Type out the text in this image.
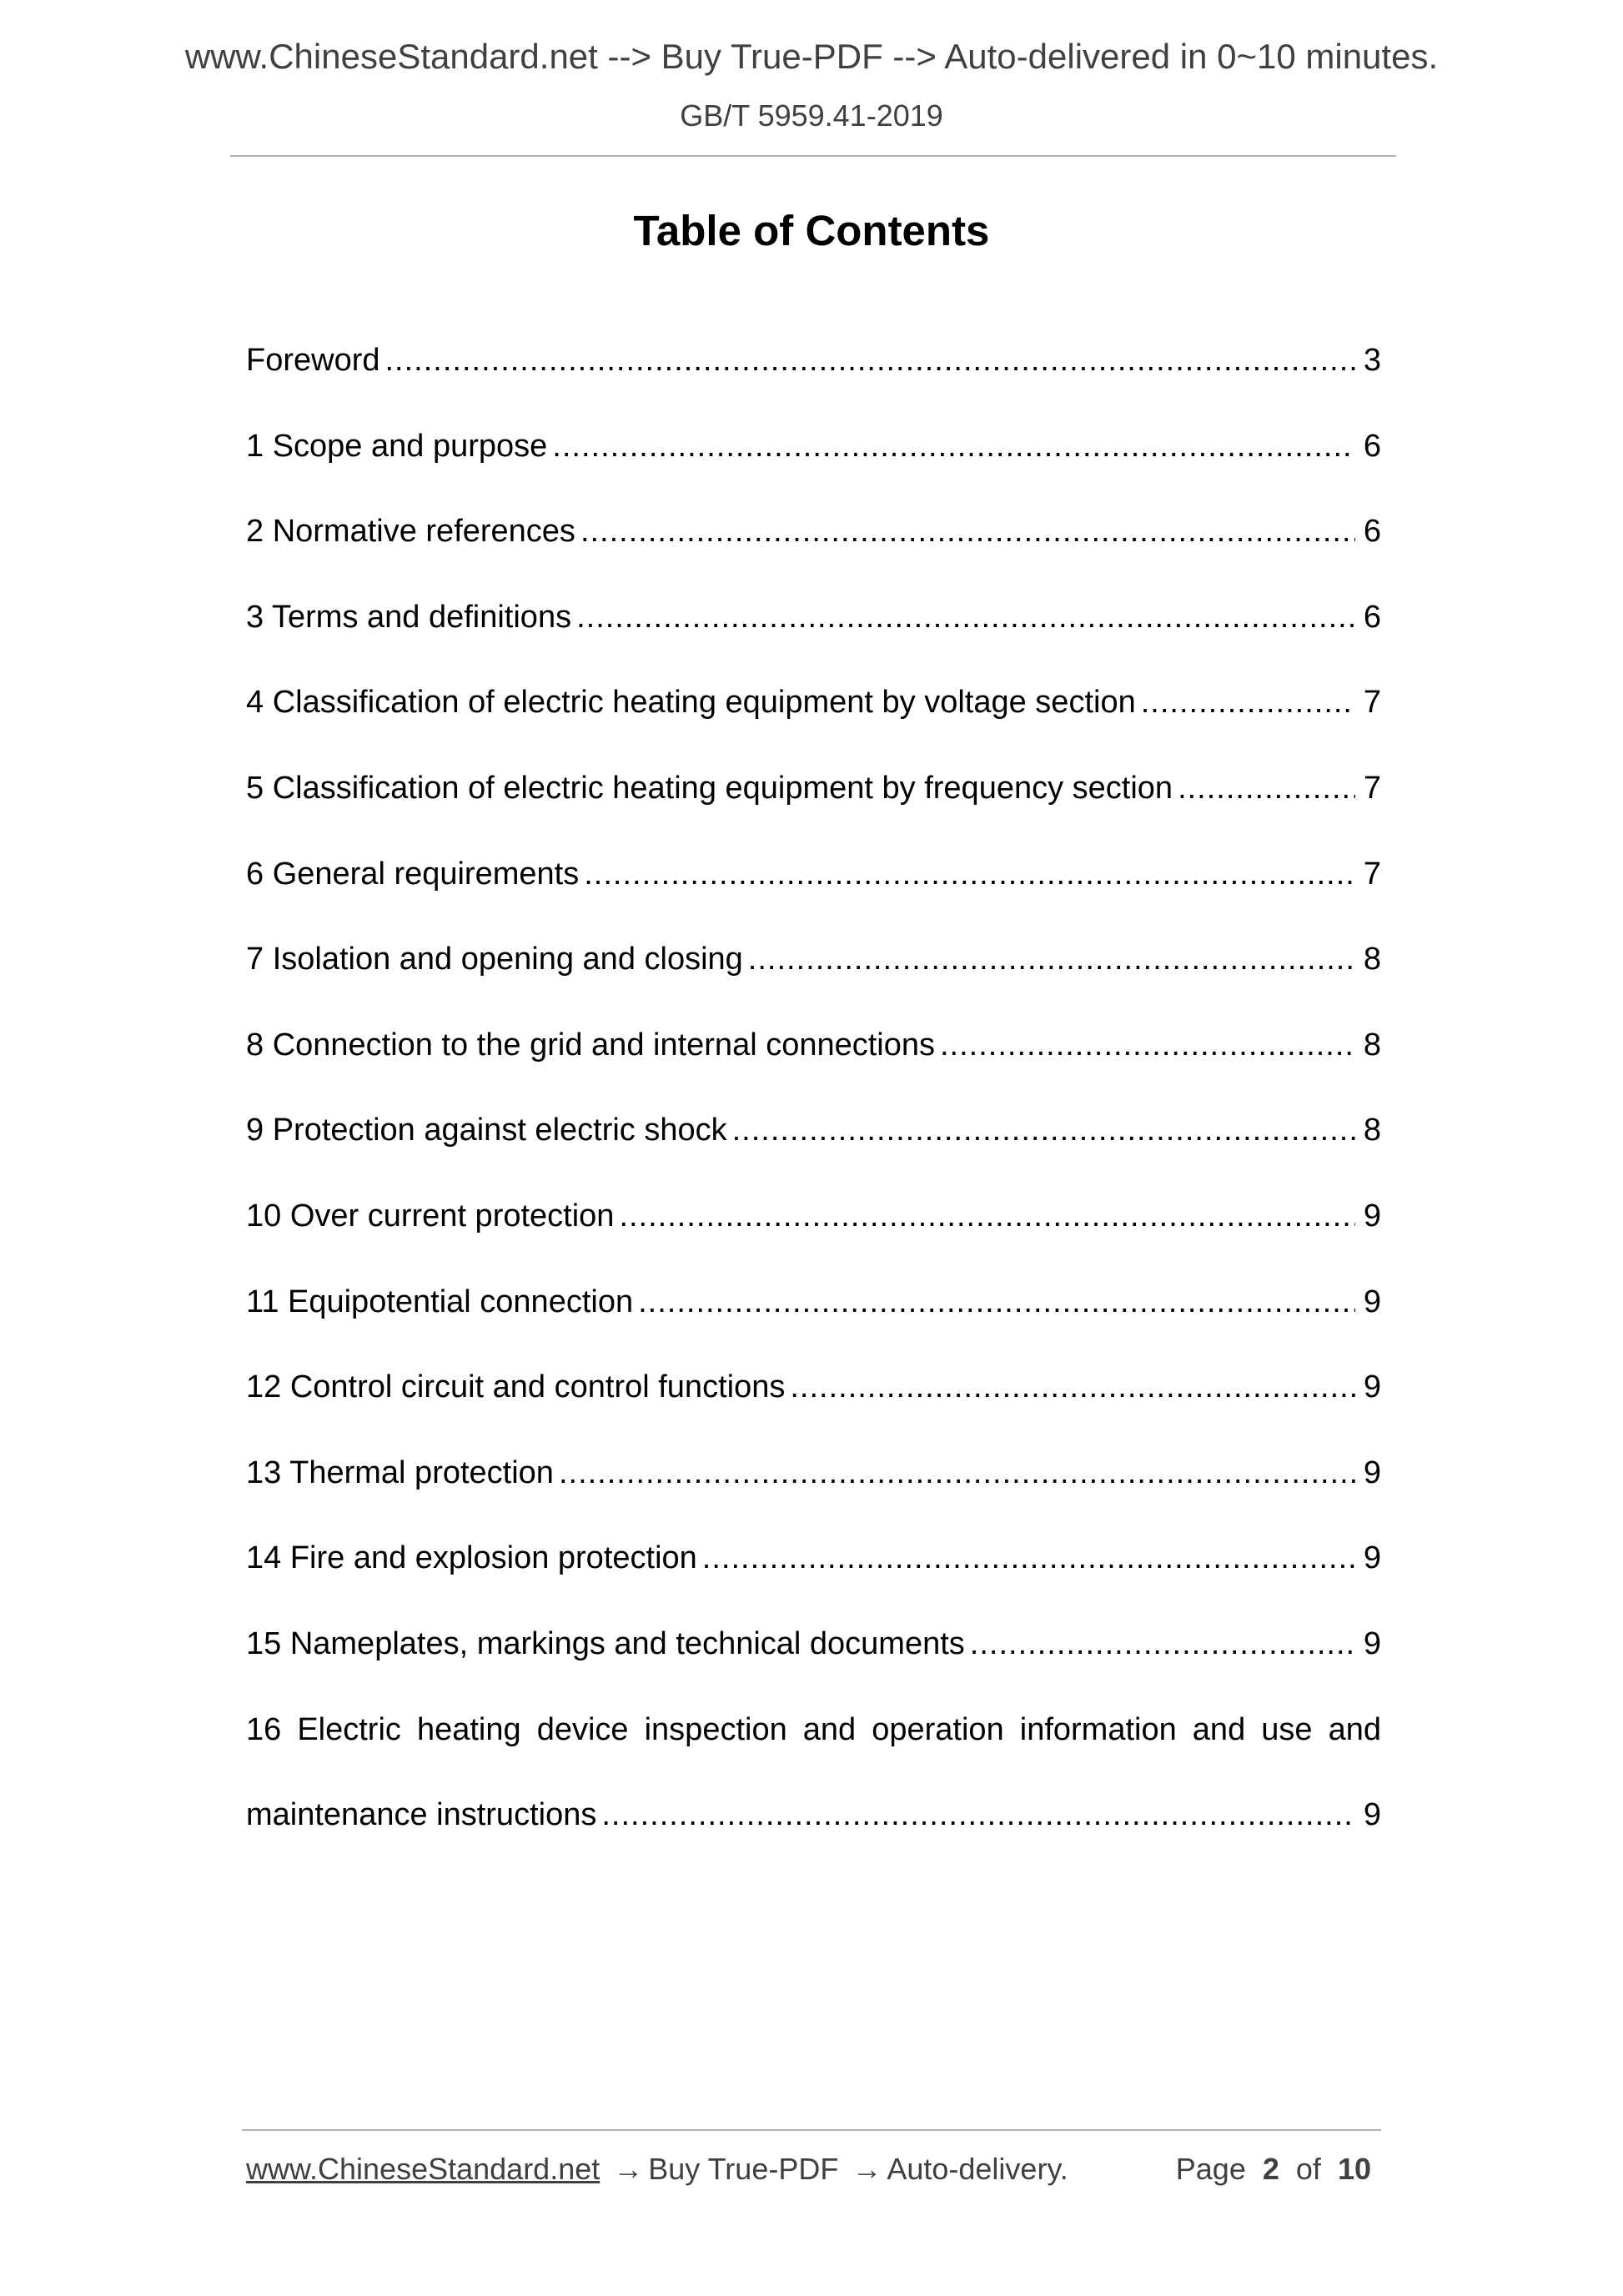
www.ChineseStandard.net --> Buy True-PDF --> Auto-delivered in 0~10 minutes.
GB/T 5959.41-2019
Table of Contents
Foreword .....	3
1 Scope and purpose .....	6
2 Normative references .....	6
3 Terms and definitions .....	6
4 Classification of electric heating equipment by voltage section .....	7
5 Classification of electric heating equipment by frequency section .....	7
6 General requirements .....	7
7 Isolation and opening and closing .....	8
8 Connection to the grid and internal connections .....	8
9 Protection against electric shock .....	8
10 Over current protection .....	9
11 Equipotential connection .....	9
12 Control circuit and control functions .....	9
13 Thermal protection .....	9
14 Fire and explosion protection .....	9
15 Nameplates, markings and technical documents .....	9
16 Electric heating device inspection and operation information and use and
maintenance instructions .....	9
www.ChineseStandard.net → Buy True-PDF → Auto-delivery.	Page 2 of 10
